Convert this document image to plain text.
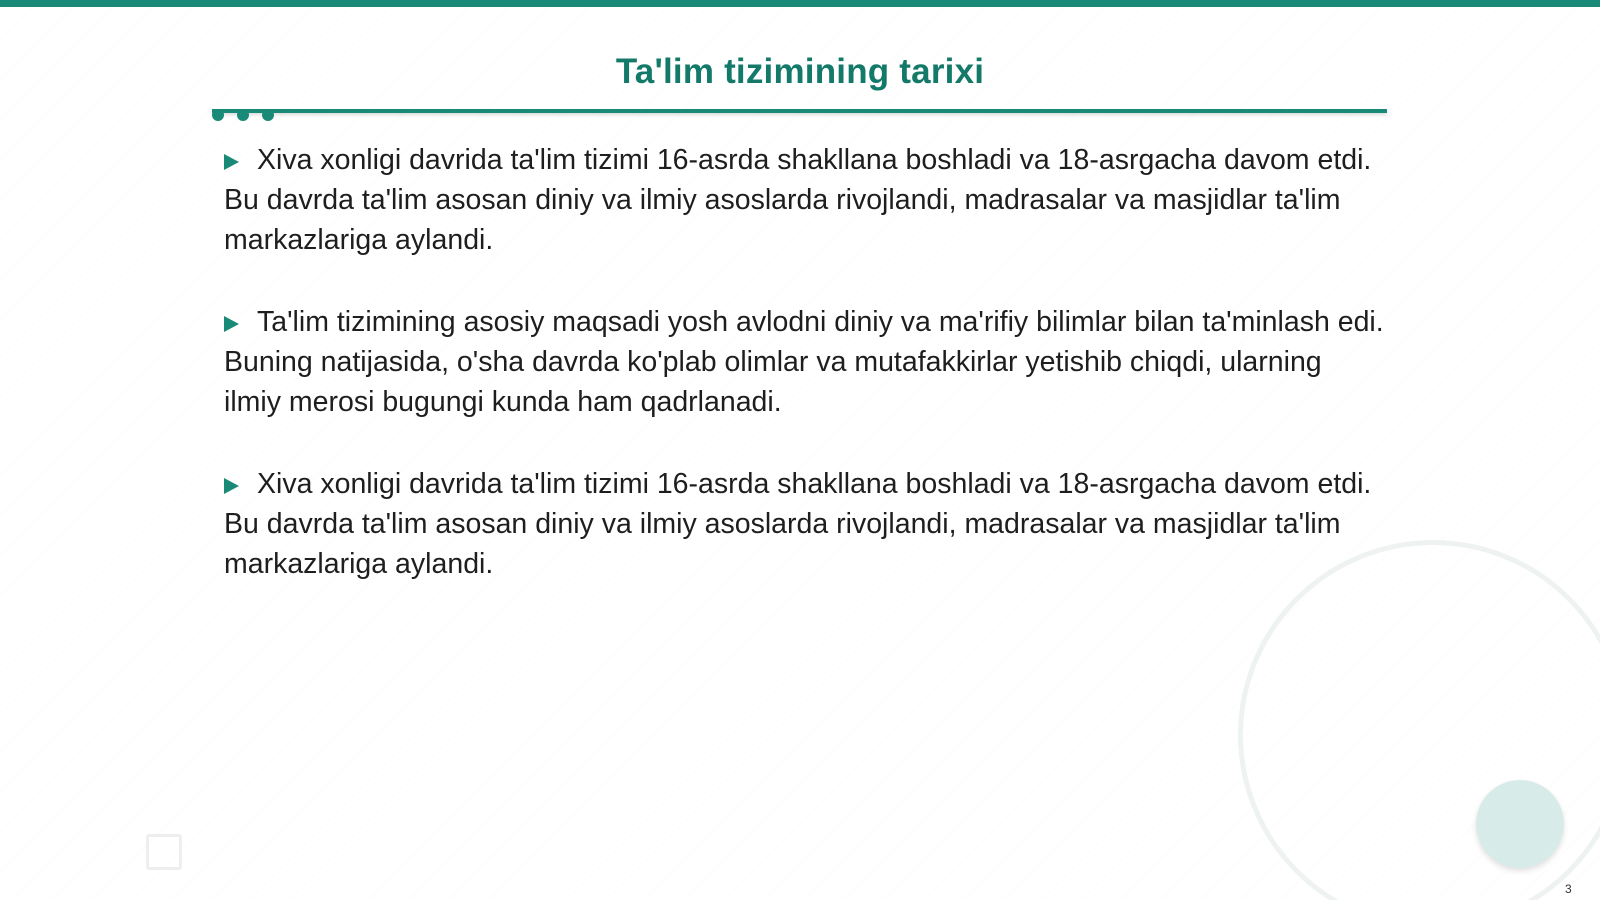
Ta'lim tizimining tarixi

Xiva xonligi davrida ta'lim tizimi 16-asrda shakllana boshladi va 18-asrgacha davom etdi. Bu davrda ta'lim asosan diniy va ilmiy asoslarda rivojlandi, madrasalar va masjidlar ta'lim markazlariga aylandi.

Ta'lim tizimining asosiy maqsadi yosh avlodni diniy va ma'rifiy bilimlar bilan ta'minlash edi. Buning natijasida, o'sha davrda ko'plab olimlar va mutafakkirlar yetishib chiqdi, ularning ilmiy merosi bugungi kunda ham qadrlanadi.

Xiva xonligi davrida ta'lim tizimi 16-asrda shakllana boshladi va 18-asrgacha davom etdi. Bu davrda ta'lim asosan diniy va ilmiy asoslarda rivojlandi, madrasalar va masjidlar ta'lim markazlariga aylandi.

3
